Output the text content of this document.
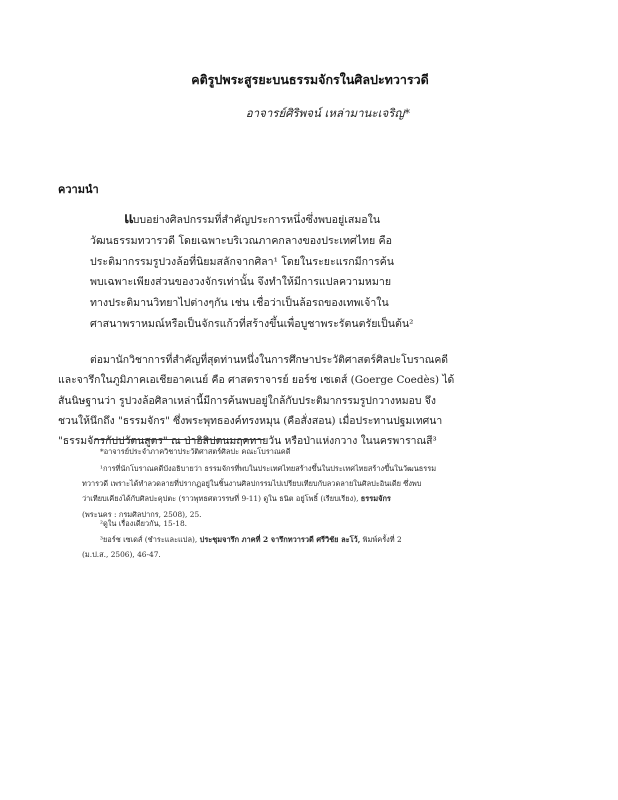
คติรูปพระสูรยะบนธรรมจักรในศิลปะทวารวดี
อาจารย์ศิริพจน์ เหล่ามานะเจริญ*
ความนำ
แบบอย่างศิลปกรรมที่สำคัญประการหนึ่งซึ่งพบอยู่เสมอใน
วัฒนธรรมทวารวดี โดยเฉพาะบริเวณภาคกลางของประเทศไทย คือ
ประติมากรรมรูปวงล้อที่นิยมสลักจากศิลา¹ โดยในระยะแรกมีการค้น
พบเฉพาะเพียงส่วนของวงจักรเท่านั้น จึงทำให้มีการแปลความหมาย
ทางประติมานวิทยาไปต่างๆกัน เช่น เชื่อว่าเป็นล้อรถของเทพเจ้าใน
ศาสนาพราหมณ์หรือเป็นจักรแก้วที่สร้างขึ้นเพื่อบูชาพระรัตนตรัยเป็นต้น²
ต่อมานักวิชาการที่สำคัญที่สุดท่านหนึ่งในการศึกษาประวัติศาสตร์ศิลปะโบราณคดี
และจารึกในภูมิภาคเอเชียอาคเนย์ คือ ศาสตราจารย์ ยอร์ช เซเดส์ (Goerge Coedès) ได้
สันนิษฐานว่า รูปวงล้อศิลาเหล่านี้มีการค้นพบอยู่ใกล้กับประติมากรรมรูปกวางหมอบ จึง
ชวนให้นึกถึง "ธรรมจักร" ซึ่งพระพุทธองค์ทรงหมุน (คือสั่งสอน) เมื่อประทานปฐมเทศนา
"ธรรมจักรกัปปวัตนสูตร" ณ ป่าอิสิปตนมฤคทายวัน หรือป่าแห่งกวาง ในนครพาราณสี³
*อาจารย์ประจำภาควิชาประวัติศาสตร์ศิลปะ คณะโบราณคดี
¹การที่นักโบราณคดีบังอธิบายว่า ธรรมจักรที่พบในประเทศไทยสร้างขึ้นในประเทศไทยสร้างขึ้นในวัฒนธรรม
ทวารวดี เพราะได้ทำลวดลายที่ปรากฏอยู่ในชิ้นงานศิลปกรรมไปเปรียบเทียบกับลวดลายในศิลปะอินเดีย ซึ่งพบ
ว่าเทียบเคียงได้กับศิลปะคุปตะ (ราวพุทธศตวรรษที่ 9-11) ดูใน ธนิต อยู่โพธิ์ (เรียบเรียง), ธรรมจักร
(พระนคร : กรมศิลปากร, 2508), 25.
²ดูใน เรื่องเดียวกัน, 15-18.
³ยอร์ช เซเดส์ (ชำระและแปล), ประชุมจารึก ภาคที่ 2 จารึกทวารวดี ศรีวิชัย ละโว้, พิมพ์ครั้งที่ 2
(ม.ป.ส., 2506), 46-47.
